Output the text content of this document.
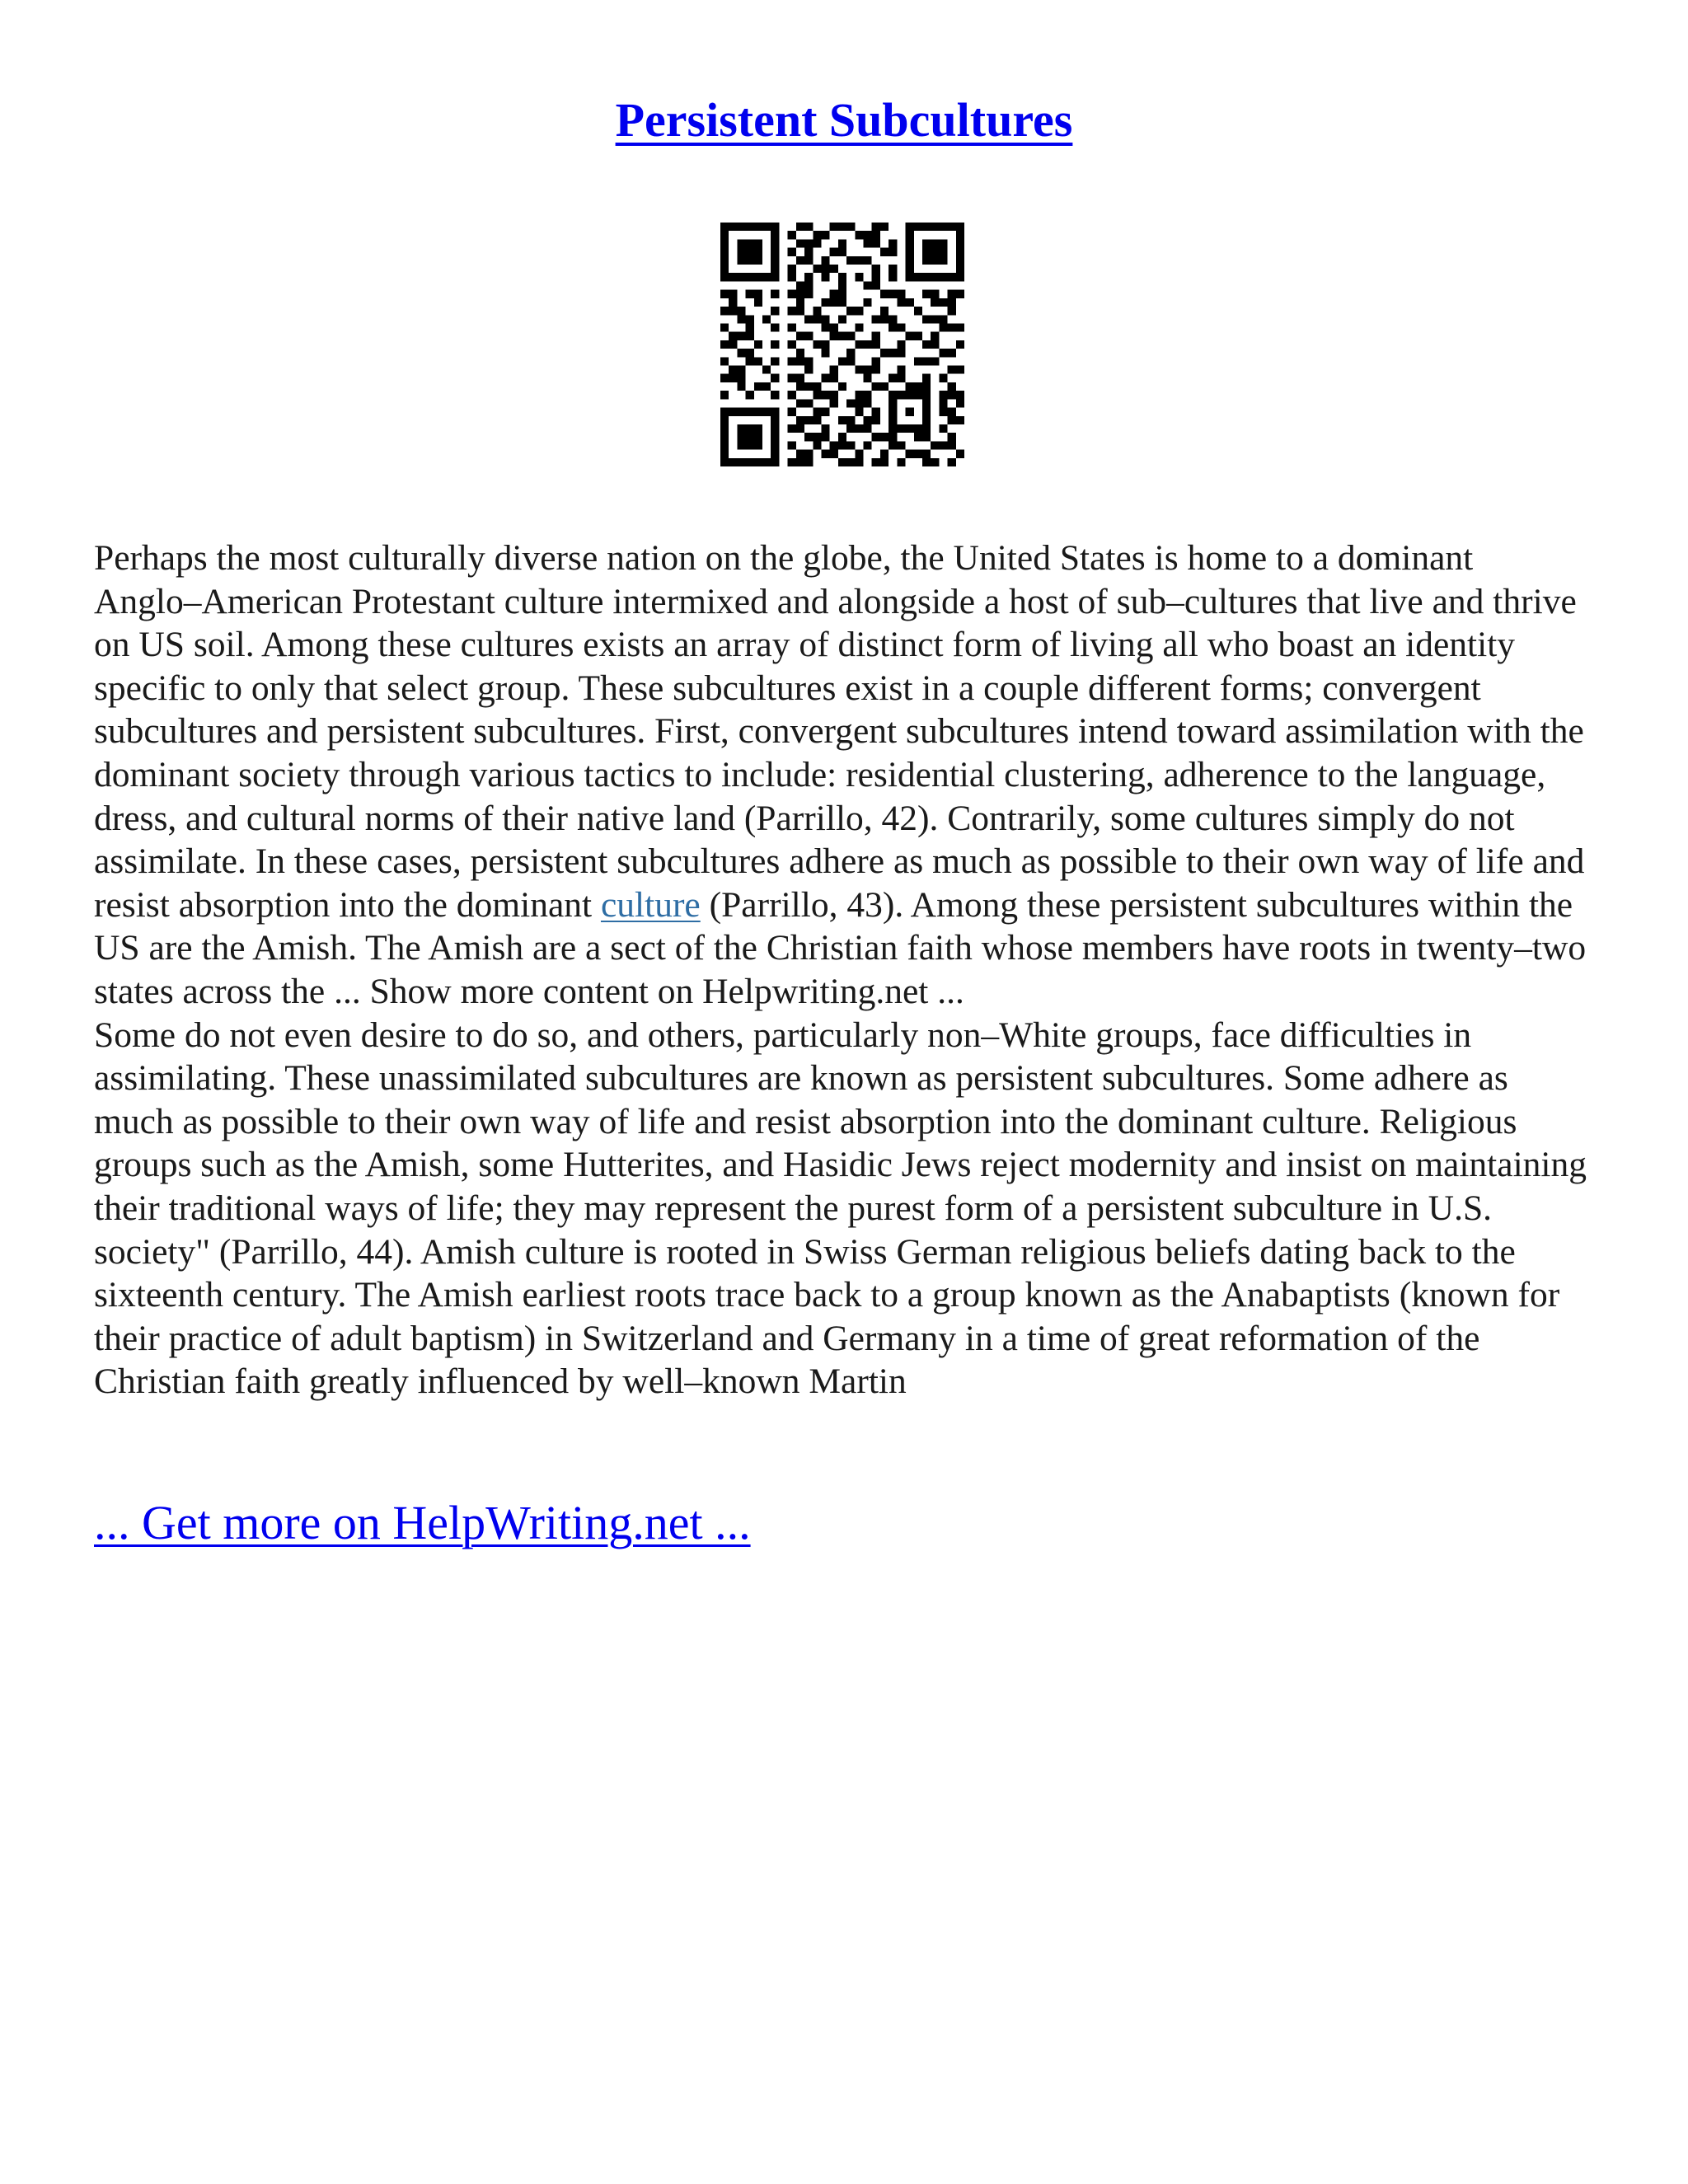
Persistent Subcultures

Perhaps the most culturally diverse nation on the globe, the United States is home to a dominant Anglo–American Protestant culture intermixed and alongside a host of sub–cultures that live and thrive on US soil. Among these cultures exists an array of distinct form of living all who boast an identity specific to only that select group. These subcultures exist in a couple different forms; convergent subcultures and persistent subcultures. First, convergent subcultures intend toward assimilation with the dominant society through various tactics to include: residential clustering, adherence to the language, dress, and cultural norms of their native land (Parrillo, 42). Contrarily, some cultures simply do not assimilate. In these cases, persistent subcultures adhere as much as possible to their own way of life and resist absorption into the dominant culture (Parrillo, 43). Among these persistent subcultures within the US are the Amish. The Amish are a sect of the Christian faith whose members have roots in twenty–two states across the ... Show more content on Helpwriting.net ...

Some do not even desire to do so, and others, particularly non–White groups, face difficulties in assimilating. These unassimilated subcultures are known as persistent subcultures. Some adhere as much as possible to their own way of life and resist absorption into the dominant culture. Religious groups such as the Amish, some Hutterites, and Hasidic Jews reject modernity and insist on maintaining their traditional ways of life; they may represent the purest form of a persistent subculture in U.S. society" (Parrillo, 44). Amish culture is rooted in Swiss German religious beliefs dating back to the sixteenth century. The Amish earliest roots trace back to a group known as the Anabaptists (known for their practice of adult baptism) in Switzerland and Germany in a time of great reformation of the Christian faith greatly influenced by well–known Martin

... Get more on HelpWriting.net ...
